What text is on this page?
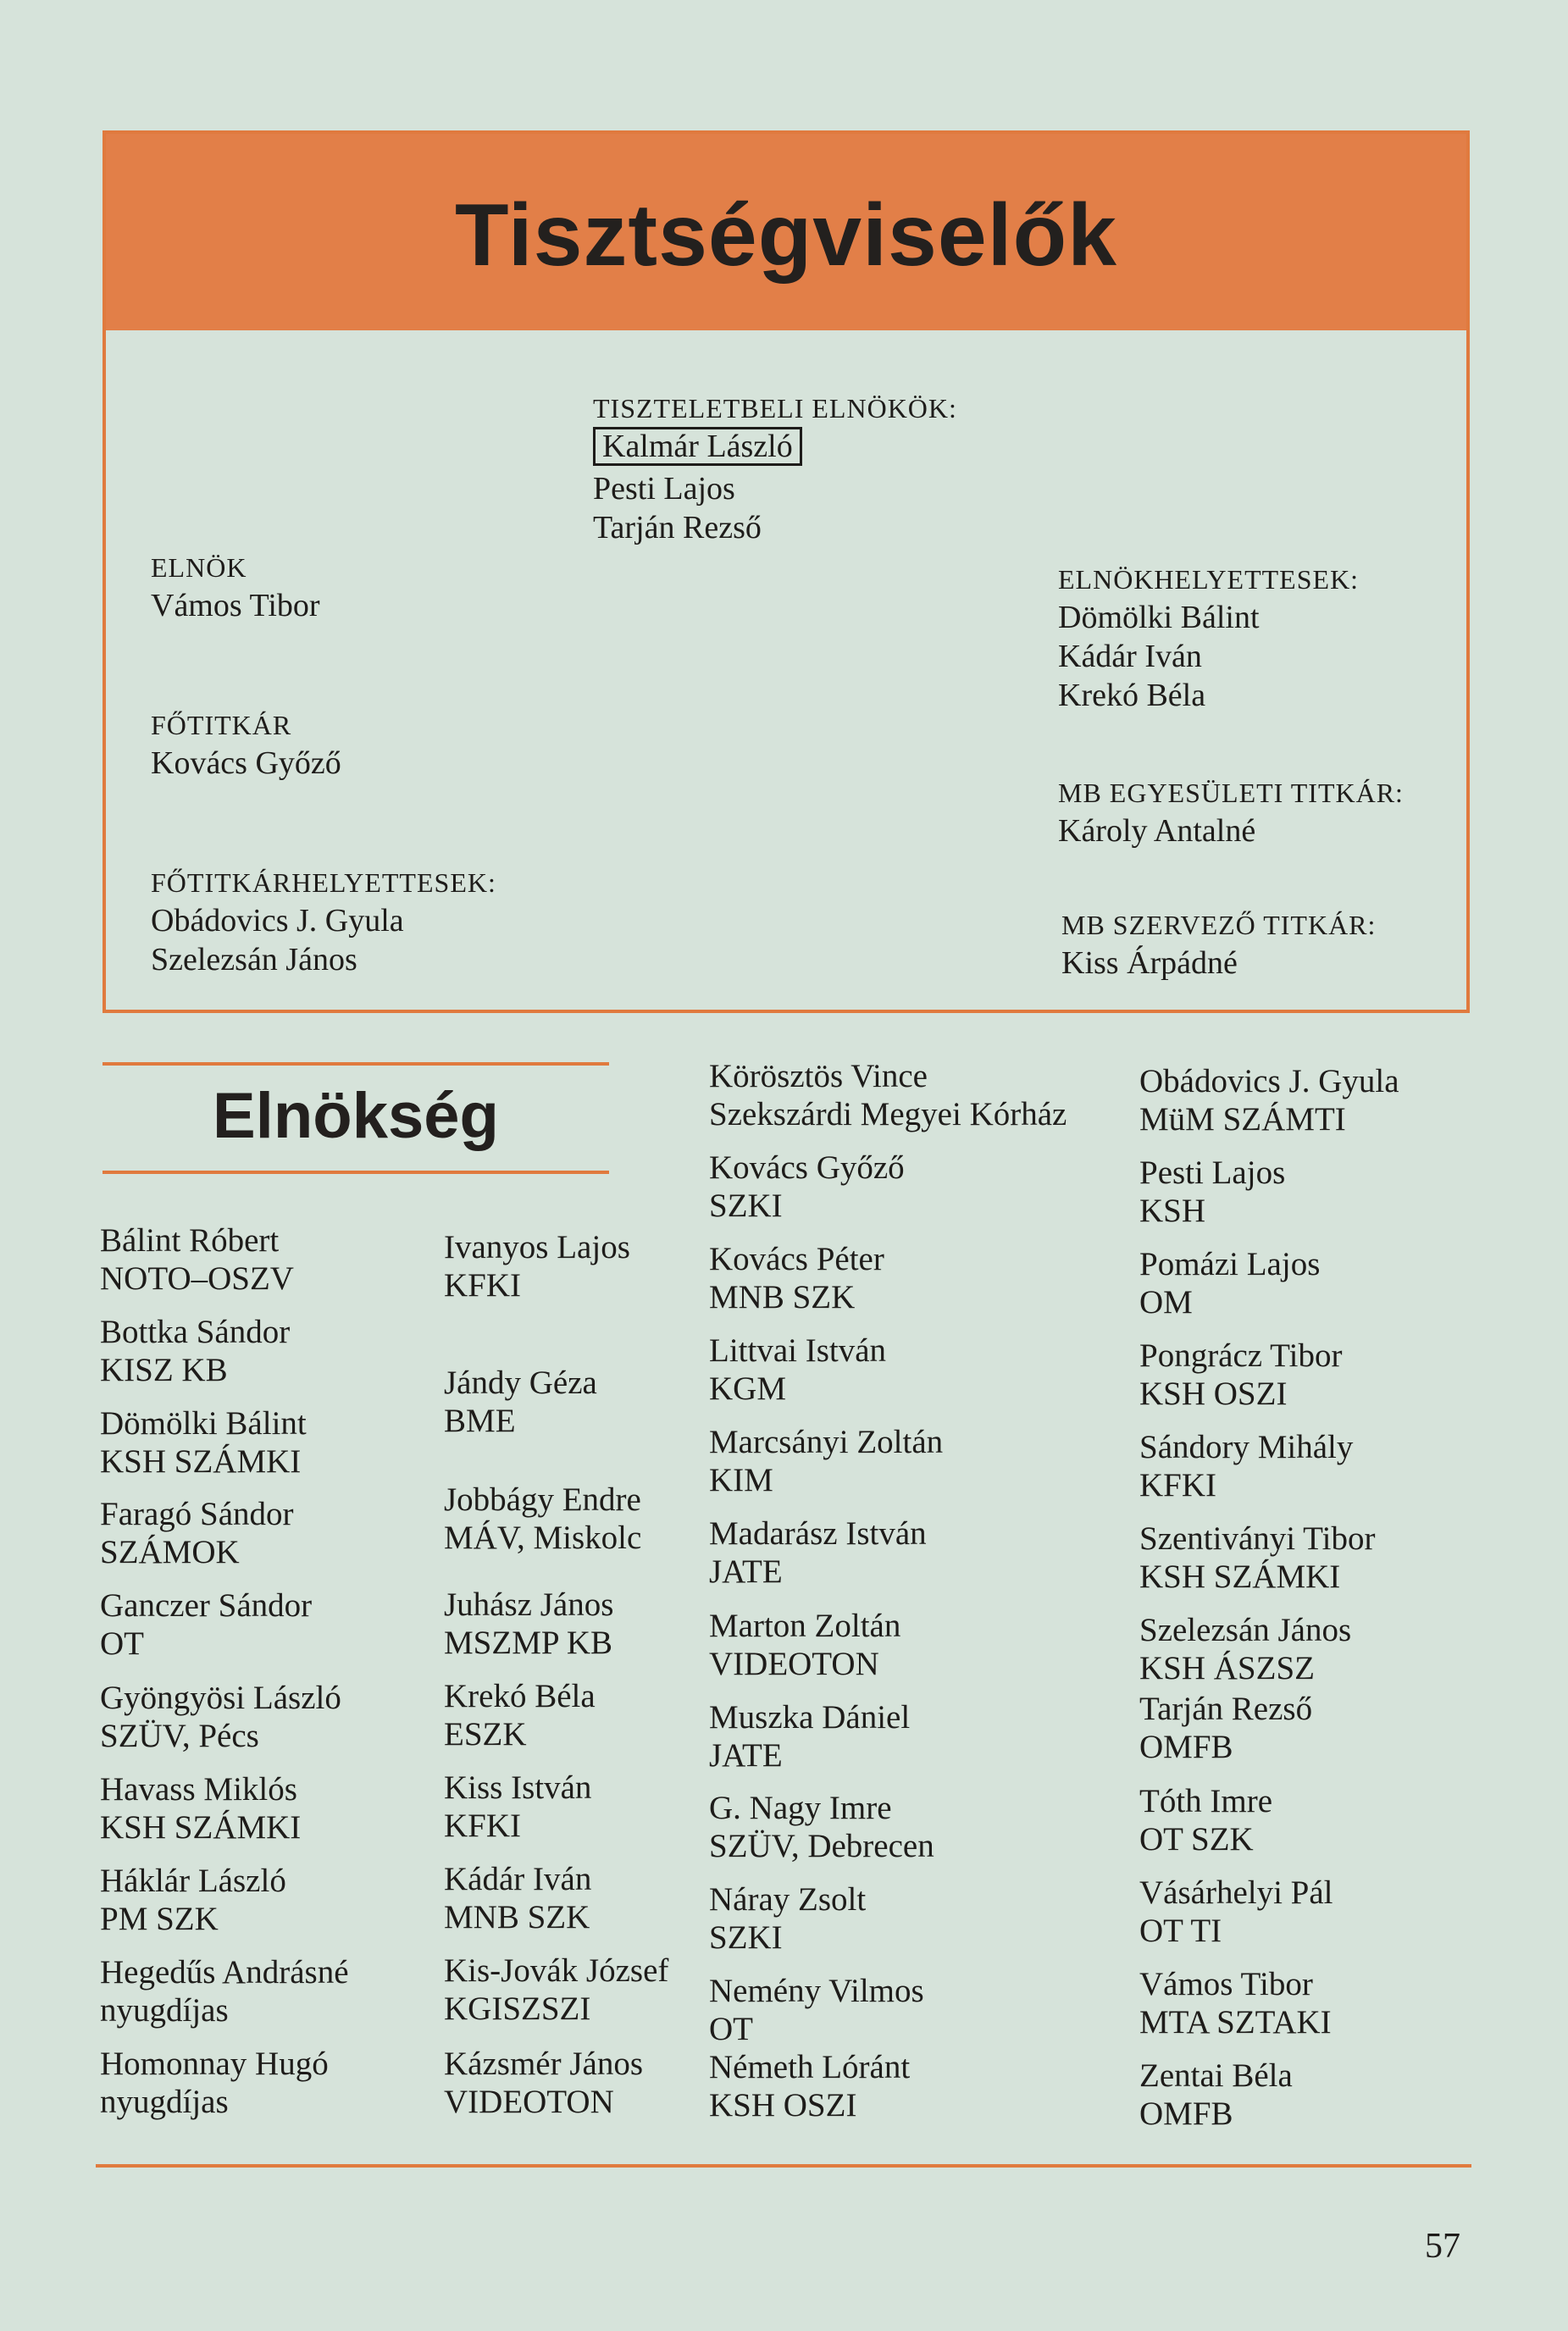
Tisztségviselők
TISZTELETBELI ELNÖKÖK:
Kalmár László
Pesti Lajos
Tarján Rezső
ELNÖK
Vámos Tibor
ELNÖKHELYETTESEK:
Dömölki Bálint
Kádár Iván
Krekó Béla
FŐTITKÁR
Kovács Győző
MB EGYESÜLETI TITKÁR:
Károly Antalné
FŐTITKÁRHELYETTESEK:
Obádovics J. Gyula
Szelezsán János
MB SZERVEZŐ TITKÁR:
Kiss Árpádné
Elnökség
Bálint Róbert
NOTO–OSZV
Bottka Sándor
KISZ KB
Dömölki Bálint
KSH SZÁMKI
Faragó Sándor
SZÁMOK
Ganczer Sándor
OT
Gyöngyösi László
SZÜV, Pécs
Havass Miklós
KSH SZÁMKI
Háklár László
PM SZK
Hegedűs Andrásné
nyugdíjas
Homonnay Hugó
nyugdíjas
Ivanyos Lajos
KFKI
Jándy Géza
BME
Jobbágy Endre
MÁV, Miskolc
Juhász János
MSZMP KB
Krekó Béla
ESZK
Kiss István
KFKI
Kádár Iván
MNB SZK
Kis-Jovák József
KGISZSZI
Kázsmér János
VIDEOTON
Körösztös Vince
Szekszárdi Megyei Kórház
Kovács Győző
SZKI
Kovács Péter
MNB SZK
Littvai István
KGM
Marcsányi Zoltán
KIM
Madarász István
JATE
Marton Zoltán
VIDEOTON
Muszka Dániel
JATE
G. Nagy Imre
SZÜV, Debrecen
Náray Zsolt
SZKI
Nemény Vilmos
OT
Németh Lóránt
KSH OSZI
Obádovics J. Gyula
MüM SZÁMTI
Pesti Lajos
KSH
Pomázi Lajos
OM
Pongrácz Tibor
KSH OSZI
Sándory Mihály
KFKI
Szentiványi Tibor
KSH SZÁMKI
Szelezsán János
KSH ÁSZSZ
Tarján Rezső
OMFB
Tóth Imre
OT SZK
Vásárhelyi Pál
OT TI
Vámos Tibor
MTA SZTAKI
Zentai Béla
OMFB
57
